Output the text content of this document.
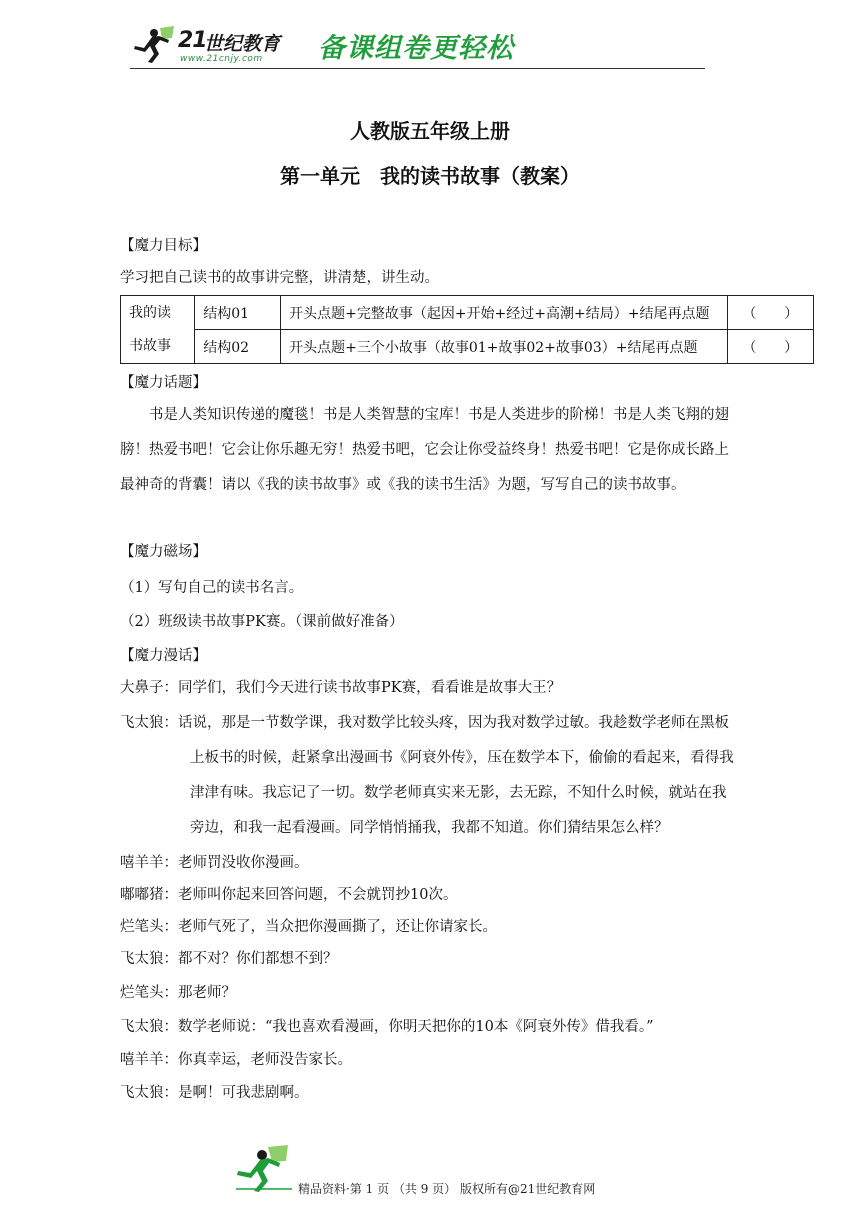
21
世纪教育
www.21cnjy.com 备课组卷更轻松
人教版五年级上册
第一单元　我的读书故事（教案）
【魔力目标】
学习把自己读书的故事讲完整，讲清楚，讲生动。
我的读
书故事	结构01	开头点题+完整故事（起因+开始+经过+高潮+结局）+结尾再点题	（　　）
	结构02	开头点题+三个小故事（故事01+故事02+故事03）+结尾再点题	（　　）
【魔力话题】
书是人类知识传递的魔毯！书是人类智慧的宝库！书是人类进步的阶梯！书是人类飞翔的翅膀！热爱书吧！它会让你乐趣无穷！热爱书吧，它会让你受益终身！热爱书吧！它是你成长路上最神奇的背囊！请以《我的读书故事》或《我的读书生活》为题，写写自己的读书故事。
【魔力磁场】
（1）写句自己的读书名言。
（2）班级读书故事PK赛。（课前做好准备）
【魔力漫话】
大鼻子：同学们，我们今天进行读书故事PK赛，看看谁是故事大王？
飞太狼：话说，那是一节数学课，我对数学比较头疼，因为我对数学过敏。我趁数学老师在黑板上板书的时候，赶紧拿出漫画书《阿衰外传》，压在数学本下，偷偷的看起来，看得我津津有味。我忘记了一切。数学老师真实来无影，去无踪，不知什么时候，就站在我旁边，和我一起看漫画。同学悄悄捅我，我都不知道。你们猜结果怎么样？
嘻羊羊：老师罚没收你漫画。
嘟嘟猪：老师叫你起来回答问题，不会就罚抄10次。
烂笔头：老师气死了，当众把你漫画撕了，还让你请家长。
飞太狼：都不对？你们都想不到？
烂笔头：那老师？
飞太狼：数学老师说：“我也喜欢看漫画，你明天把你的10本《阿衰外传》借我看。”
嘻羊羊：你真幸运，老师没告家长。
飞太狼：是啊！可我悲剧啊。
精品资料·第 1 页 （共 9 页） 版权所有@21世纪教育网
